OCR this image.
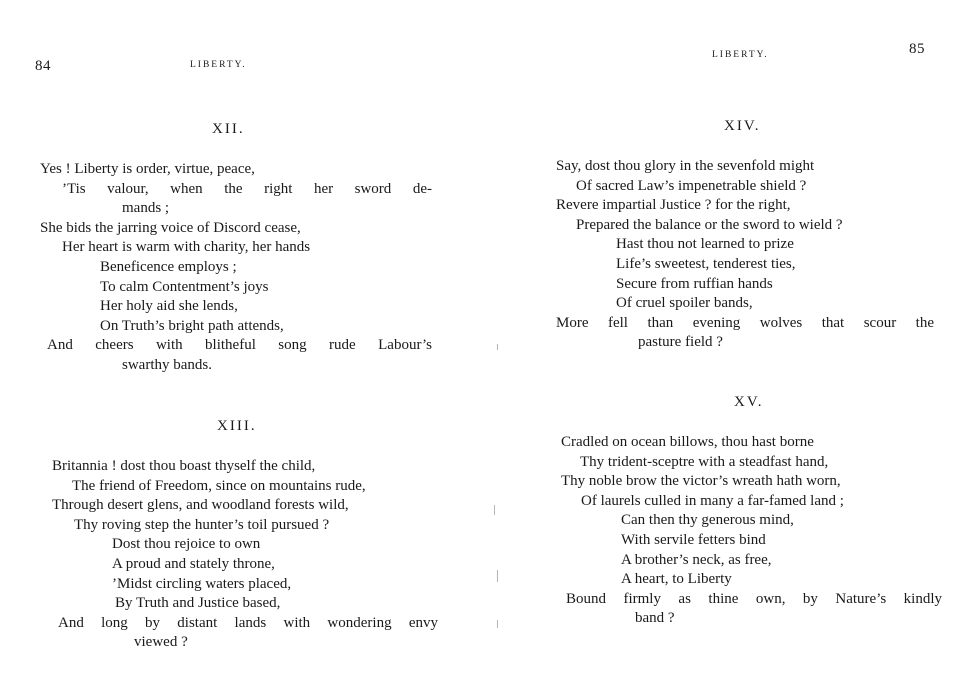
84	LIBERTY.
XII.
Yes ! Liberty is order, virtue, peace,
’Tis valour, when the right her sword de-
mands ;
She bids the jarring voice of Discord cease,
Her heart is warm with charity, her hands
Beneficence employs ;
To calm Contentment’s joys
Her holy aid she lends,
On Truth’s bright path attends,
And cheers with blitheful song rude Labour’s
swarthy bands.
XIII.
Britannia ! dost thou boast thyself the child,
The friend of Freedom, since on mountains rude,
Through desert glens, and woodland forests wild,
Thy roving step the hunter’s toil pursued ?
Dost thou rejoice to own
A proud and stately throne,
’Midst circling waters placed,
By Truth and Justice based,
And long by distant lands with wondering envy
viewed ?
LIBERTY.	85
XIV.
Say, dost thou glory in the sevenfold might
Of sacred Law’s impenetrable shield ?
Revere impartial Justice ? for the right,
Prepared the balance or the sword to wield ?
Hast thou not learned to prize
Life’s sweetest, tenderest ties,
Secure from ruffian hands
Of cruel spoiler bands,
More fell than evening wolves that scour the
pasture field ?
XV.
Cradled on ocean billows, thou hast borne
Thy trident-sceptre with a steadfast hand,
Thy noble brow the victor’s wreath hath worn,
Of laurels culled in many a far-famed land ;
Can then thy generous mind,
With servile fetters bind
A brother’s neck, as free,
A heart, to Liberty
Bound firmly as thine own, by Nature’s kindly
band ?
